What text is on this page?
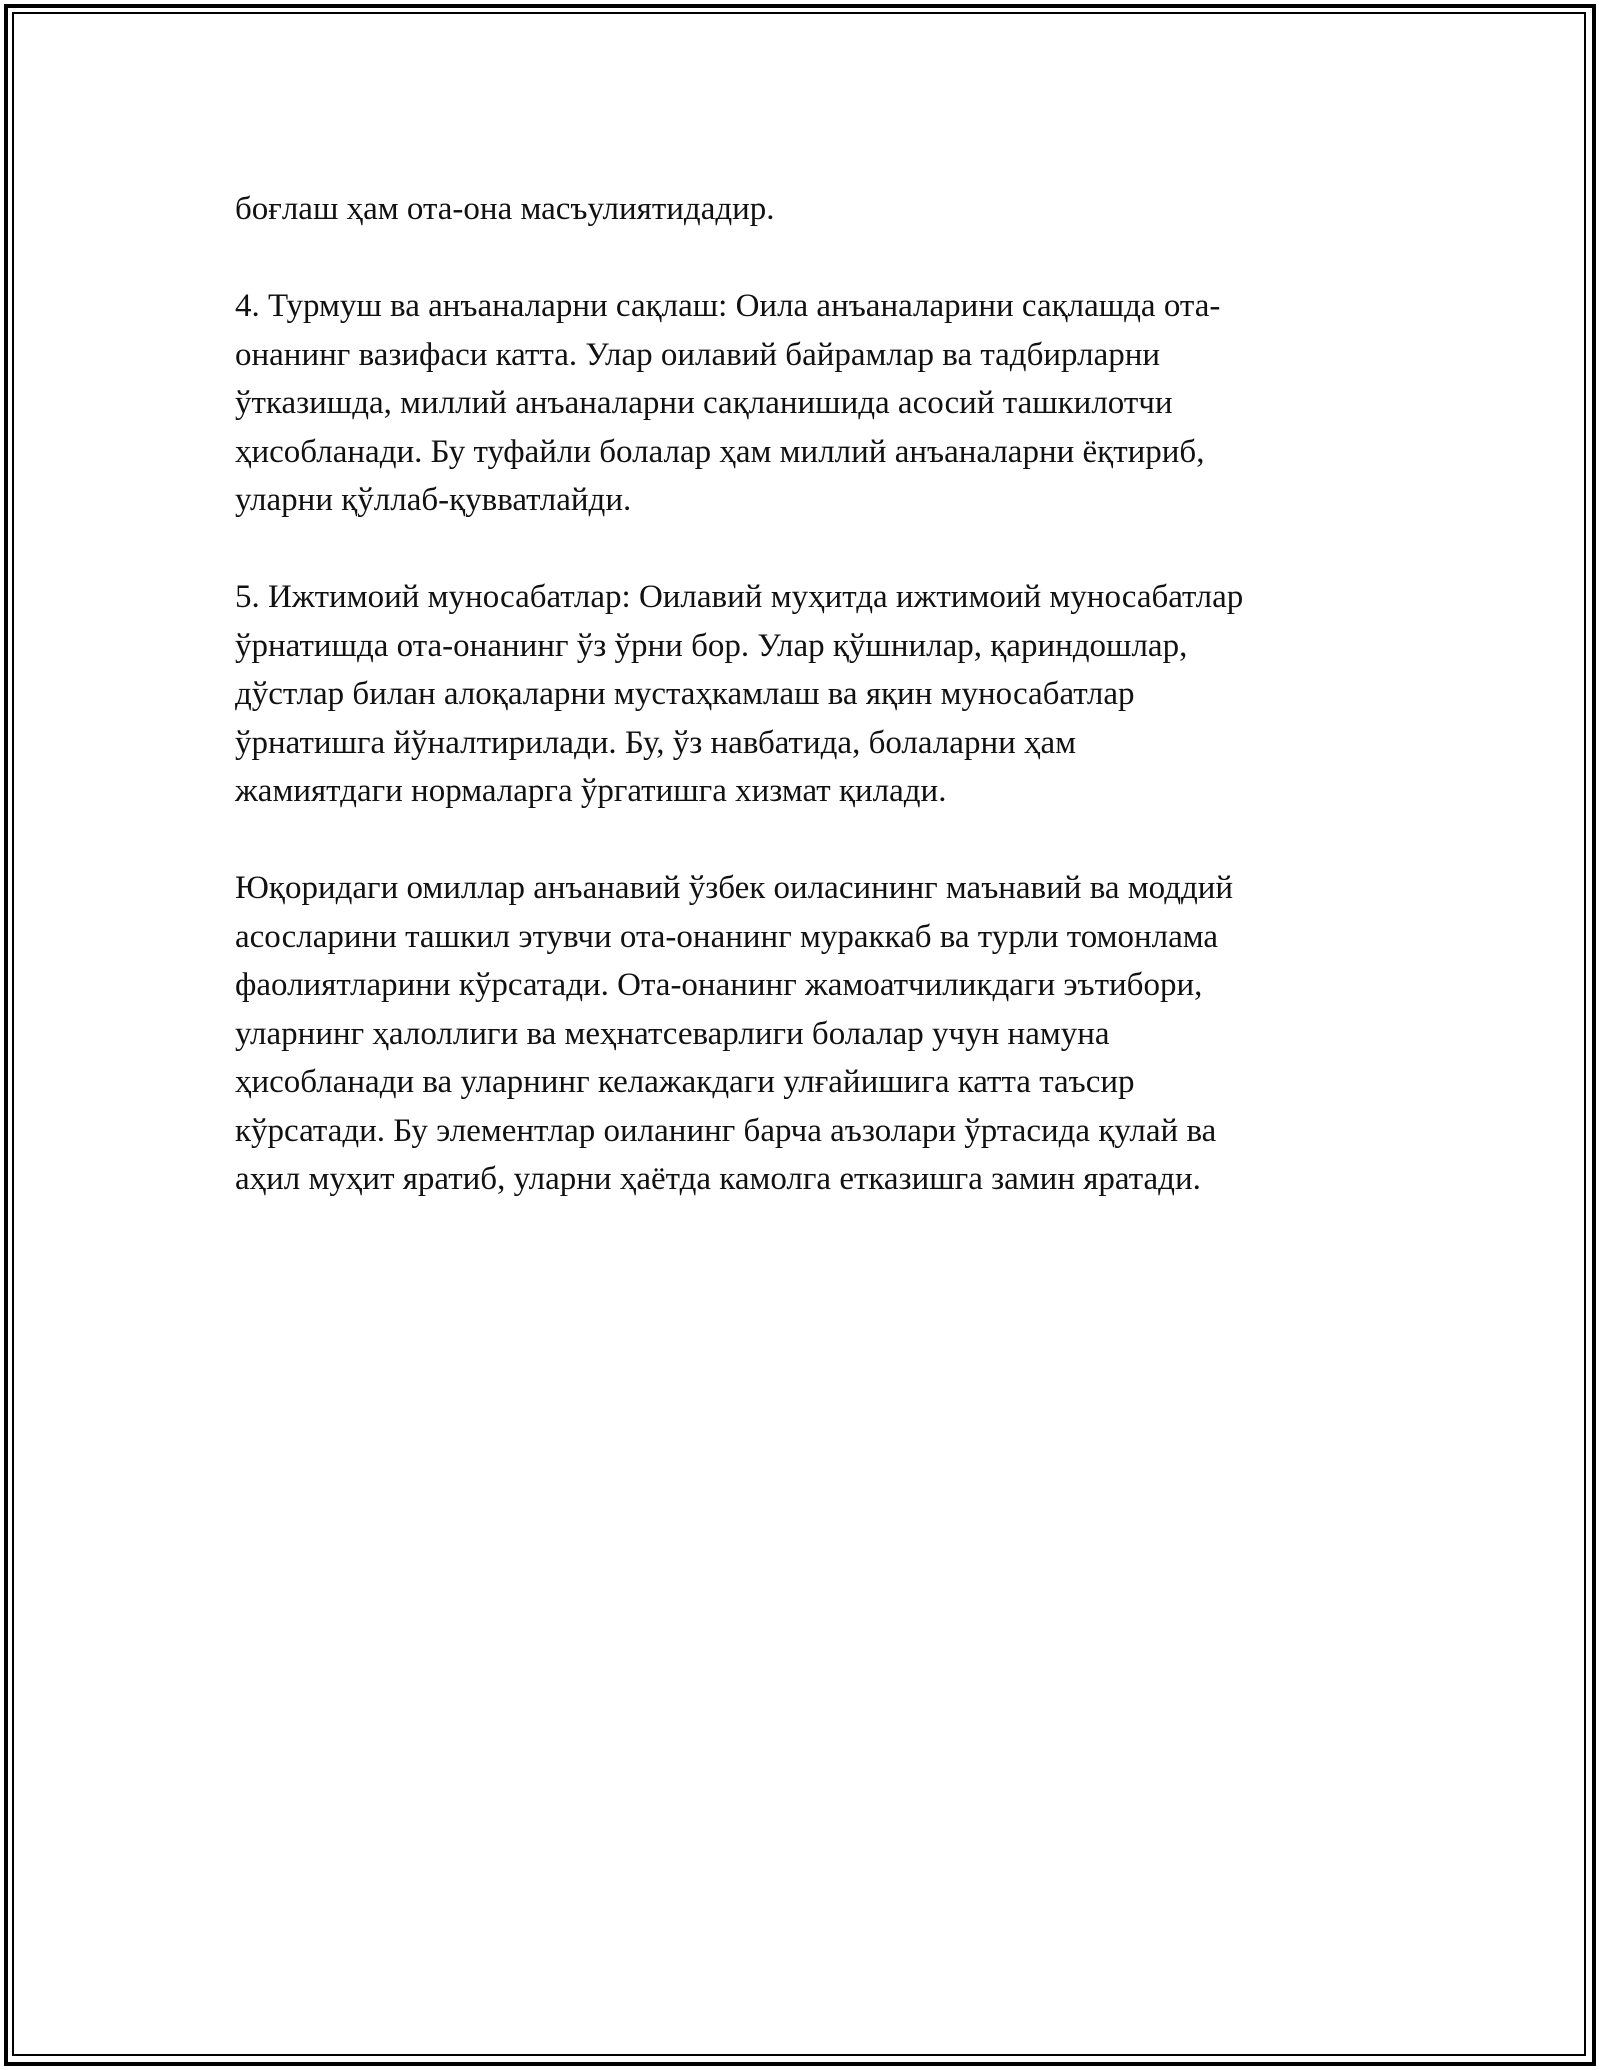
боғлаш ҳам ота-она масъулиятидадир.

4. Турмуш ва анъаналарни сақлаш: Оила анъаналарини сақлашда ота-
онанинг вазифаси катта. Улар оилавий байрамлар ва тадбирларни
ўтказишда, миллий анъаналарни сақланишида асосий ташкилотчи
ҳисобланади. Бу туфайли болалар ҳам миллий анъаналарни ёқтириб,
уларни қўллаб-қувватлайди.

5. Ижтимоий муносабатлар: Оилавий муҳитда ижтимоий муносабатлар
ўрнатишда ота-онанинг ўз ўрни бор. Улар қўшнилар, қариндошлар,
дўстлар билан алоқаларни мустаҳкамлаш ва яқин муносабатлар
ўрнатишга йўналтирилади. Бу, ўз навбатида, болаларни ҳам
жамиятдаги нормаларга ўргатишга хизмат қилади.

Юқоридаги омиллар анъанавий ўзбек оиласининг маънавий ва моддий
асосларини ташкил этувчи ота-онанинг мураккаб ва турли томонлама
фаолиятларини кўрсатади. Ота-онанинг жамоатчиликдаги эътибори,
уларнинг ҳалоллиги ва меҳнатсеварлиги болалар учун намуна
ҳисобланади ва уларнинг келажакдаги улғайишига катта таъсир
кўрсатади. Бу элементлар оиланинг барча аъзолари ўртасида қулай ва
аҳил муҳит яратиб, уларни ҳаётда камолга етказишга замин яратади.
